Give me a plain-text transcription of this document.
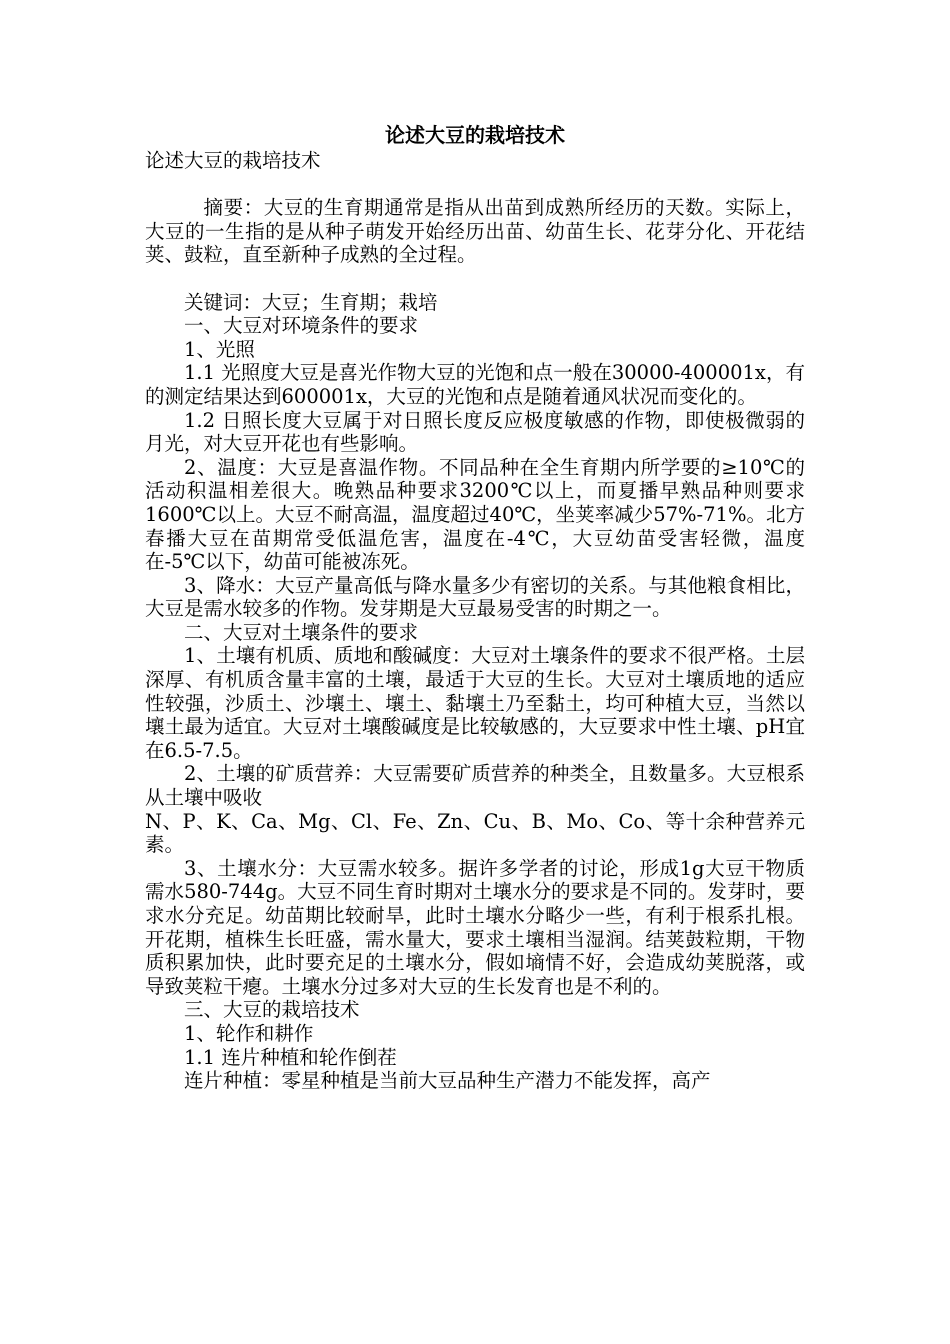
论述大豆的栽培技术

论述大豆的栽培技术

摘要：大豆的生育期通常是指从出苗到成熟所经历的天数。实际上，大豆的一生指的是从种子萌发开始经历出苗、幼苗生长、花芽分化、开花结荚、鼓粒，直至新种子成熟的全过程。

关键词：大豆；生育期；栽培

一、大豆对环境条件的要求

1、光照

1.1 光照度大豆是喜光作物大豆的光饱和点一般在30000-400001x，有的测定结果达到600001x，大豆的光饱和点是随着通风状况而变化的。

1.2 日照长度大豆属于对日照长度反应极度敏感的作物，即使极微弱的月光，对大豆开花也有些影响。

2、温度：大豆是喜温作物。不同品种在全生育期内所学要的≥10℃的活动积温相差很大。晚熟品种要求3200℃以上，而夏播早熟品种则要求1600℃以上。大豆不耐高温，温度超过40℃，坐荚率减少57%-71%。北方春播大豆在苗期常受低温危害，温度在-4℃，大豆幼苗受害轻微，温度在-5℃以下，幼苗可能被冻死。

3、降水：大豆产量高低与降水量多少有密切的关系。与其他粮食相比，大豆是需水较多的作物。发芽期是大豆最易受害的时期之一。

二、大豆对土壤条件的要求

1、土壤有机质、质地和酸碱度：大豆对土壤条件的要求不很严格。土层深厚、有机质含量丰富的土壤，最适于大豆的生长。大豆对土壤质地的适应性较强，沙质土、沙壤土、壤土、黏壤土乃至黏土，均可种植大豆，当然以壤土最为适宜。大豆对土壤酸碱度是比较敏感的，大豆要求中性土壤、pH宜在6.5-7.5。

2、土壤的矿质营养：大豆需要矿质营养的种类全，且数量多。大豆根系从土壤中吸收

N、P、K、Ca、Mg、Cl、Fe、Zn、Cu、B、Mo、Co、等十余种营养元素。

3、土壤水分：大豆需水较多。据许多学者的讨论，形成1g大豆干物质需水580-744g。大豆不同生育时期对土壤水分的要求是不同的。发芽时，要求水分充足。幼苗期比较耐旱，此时土壤水分略少一些，有利于根系扎根。开花期，植株生长旺盛，需水量大，要求土壤相当湿润。结荚鼓粒期，干物质积累加快，此时要充足的土壤水分，假如墒情不好，会造成幼荚脱落，或导致荚粒干瘪。土壤水分过多对大豆的生长发育也是不利的。

三、大豆的栽培技术

1、轮作和耕作

1.1 连片种植和轮作倒茬

连片种植：零星种植是当前大豆品种生产潜力不能发挥，高产
